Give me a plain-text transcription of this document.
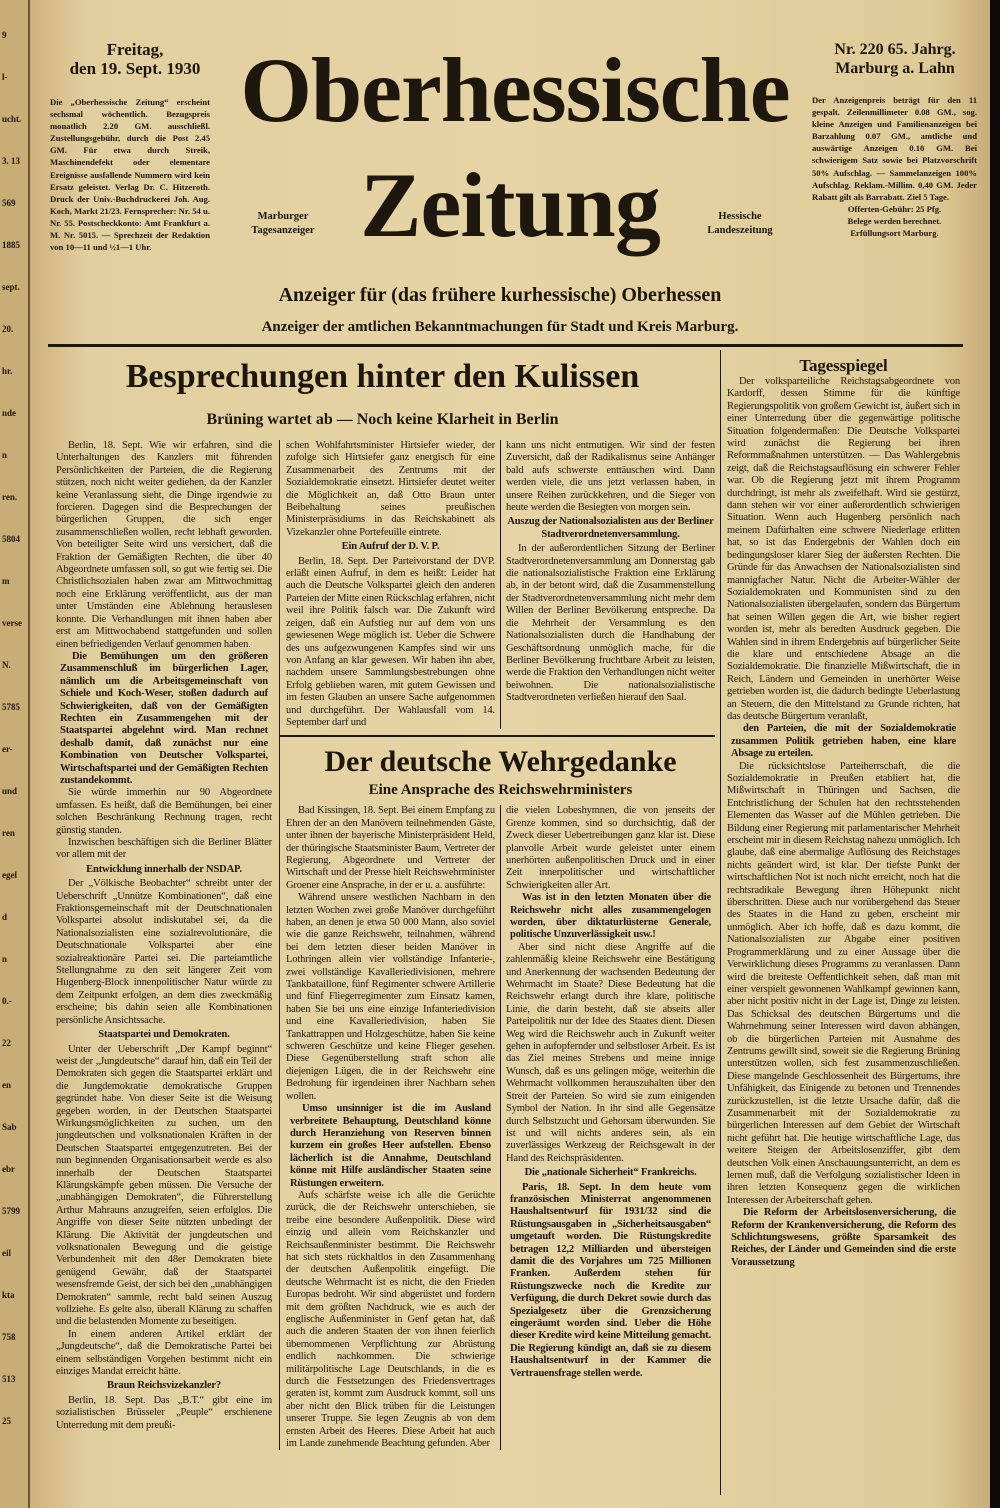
9
l-
ucht.
3. 13
569
1885
sept.
20.
hr.
nde
n
ren.
5804
m
verse
N.
5785
er-
und
ren
egel
d
n
0.-
22
en
Sab
ebr
5799
eil
kta
758
513
25
Freitag,
den 19. Sept. 1930
Die „Oberhessische Zeitung“ erscheint sechsmal wöchentlich. Bezugspreis monatlich 2.20 GM. ausschließl. Zustellungsgebühr, durch die Post 2.45 GM. Für etwa durch Streik, Maschinendefekt oder elementare Ereignisse ausfallende Nummern wird kein Ersatz geleistet. Verlag Dr. C. Hitzeroth. Druck der Univ.-Buchdruckerei Joh. Aug. Koch, Markt 21/23. Fernsprecher: Nr. 54 u. Nr. 55. Postscheckkonto: Amt Frankfurt a. M. Nr. 5015. — Sprechzeit der Redaktion von 10—11 und ½1—1 Uhr.
Nr. 220 65. Jahrg.
Marburg a. Lahn
Der Anzeigenpreis beträgt für den 11 gespalt. Zeilenmillimeter 0.08 GM., sog. kleine Anzeigen und Familienanzeigen bei Barzahlung 0.07 GM., amtliche und auswärtige Anzeigen 0.10 GM. Bei schwierigem Satz sowie bei Platzvorschrift 50% Aufschlag. — Sammelanzeigen 100% Aufschlag. Reklam.-Millim. 0,40 GM. Jeder Rabatt gilt als Barrabatt. Ziel 5 Tage.
Offerten-Gebühr: 25 Pfg.
Belege werden berechnet.
Erfüllungsort Marburg.
Oberhessische
Zeitung
Marburger
Tagesanzeiger
Hessische
Landeszeitung
Anzeiger für (das frühere kurhessische) Oberhessen
Anzeiger der amtlichen Bekanntmachungen für Stadt und Kreis Marburg.
Besprechungen hinter den Kulissen
Brüning wartet ab — Noch keine Klarheit in Berlin

Berlin, 18. Sept. Wie wir erfahren, sind die Unterhaltungen des Kanzlers mit führenden Persönlichkeiten der Parteien, die die Regierung stützen, noch nicht weiter gediehen, da der Kanzler keine Veranlassung sieht, die Dinge irgendwie zu forcieren. Dagegen sind die Besprechungen der bürgerlichen Gruppen, die sich enger zusammenschließen wollen, recht lebhaft geworden. Von beteiligter Seite wird uns versichert, daß die Fraktion der Gemäßigten Rechten, die über 40 Abgeordnete umfassen soll, so gut wie fertig sei. Die Christlichsozialen haben zwar am Mittwochmittag noch eine Erklärung veröffentlicht, aus der man unter Umständen eine Ablehnung herauslesen konnte. Die Verhandlungen mit ihnen haben aber erst am Mittwochabend stattgefunden und sollen einen befriedigenden Verlauf genommen haben.

Die Bemühungen um den größeren Zusammenschluß im bürgerlichen Lager, nämlich um die Arbeitsgemeinschaft von Schiele und Koch-Weser, stoßen dadurch auf Schwierigkeiten, daß von der Gemäßigten Rechten ein Zusammengehen mit der Staatspartei abgelehnt wird. Man rechnet deshalb damit, daß zunächst nur eine Kombination von Deutscher Volkspartei, Wirtschaftspartei und der Gemäßigten Rechten zustandekommt.

Sie würde immerhin nur 90 Abgeordnete umfassen. Es heißt, daß die Bemühungen, bei einer solchen Beschränkung Rechnung tragen, recht günstig standen.

Inzwischen beschäftigen sich die Berliner Blätter vor allem mit der

Entwicklung innerhalb der NSDAP.

Der „Völkische Beobachter“ schreibt unter der Ueberschrift „Unnütze Kombinationen“, daß eine Fraktionsgemeinschaft mit der Deutschnationalen Volkspartei absolut indiskutabel sei, da die Nationalsozialisten eine sozialrevolutionäre, die Deutschnationale Volkspartei aber eine sozialreaktionäre Partei sei. Die parteiamtliche Stellungnahme zu den seit längerer Zeit vom Hugenberg-Block innenpolitischer Natur würde zu dem Zeitpunkt erfolgen, an dem dies zweckmäßig erscheine; bis dahin seien alle Kombinationen persönliche Ansichtssache.

Staatspartei und Demokraten.

Unter der Ueberschrift „Der Kampf beginnt“ weist der „Jungdeutsche“ darauf hin, daß ein Teil der Demokraten sich gegen die Staatspartei erklärt und die Jungdemokratie demokratische Gruppen gegründet habe. Von dieser Seite ist die Weisung gegeben worden, in der Deutschen Staatspartei Wirkungsmöglichkeiten zu suchen, um den jungdeutschen und volksnationalen Kräften in der Deutschen Staatspartei entgegenzutreten. Bei der nun beginnenden Organisationsarbeit werde es also innerhalb der Deutschen Staatspartei Klärungskämpfe geben müssen. Die Versuche der „unabhängigen Demokraten“, die Führerstellung Arthur Mahrauns anzugreifen, seien erfolglos. Die Angriffe von dieser Seite nützten unbedingt der Klärung. Die Aktivität der jungdeutschen und volksnationalen Bewegung und die geistige Verbundenheit mit den 48er Demokraten biete genügend Gewähr, daß der Staatspartei wesensfremde Geist, der sich bei den „unabhängigen Demokraten“ sammle, recht bald seinen Auszug vollziehe. Es gelte also, überall Klärung zu schaffen und die belastenden Momente zu beseitigen.

In einem anderen Artikel erklärt der „Jungdeutsche“, daß die Demokratische Partei bei einem selbständigen Vorgehen bestimmt nicht ein einziges Mandat erreicht hätte.

Braun Reichsvizekanzler?

Berlin, 18. Sept. Das „B.T.“ gibt eine im sozialistischen Brüsseler „Peuple“ erschienene Unterredung mit dem preußi-

schen Wohlfahrtsminister Hirtsiefer wieder, der zufolge sich Hirtsiefer ganz energisch für eine Zusammenarbeit des Zentrums mit der Sozialdemokratie einsetzt. Hirtsiefer deutet weiter die Möglichkeit an, daß Otto Braun unter Beibehaltung seines preußischen Ministerpräsidiums in das Reichskabinett als Vizekanzler ohne Portefeuille eintrete.

Ein Aufruf der D. V. P.

Berlin, 18. Sept. Der Parteivorstand der DVP. erläßt einen Aufruf, in dem es heißt: Leider hat auch die Deutsche Volkspartei gleich den anderen Parteien der Mitte einen Rückschlag erfahren, nicht weil ihre Politik falsch war. Die Zukunft wird zeigen, daß ein Aufstieg nur auf dem von uns gewiesenen Wege möglich ist. Ueber die Schwere des uns aufgezwungenen Kampfes sind wir uns von Anfang an klar gewesen. Wir haben ihn aber, nachdem unsere Sammlungsbestrebungen ohne Erfolg geblieben waren, mit gutem Gewissen und im festen Glauben an unsere Sache aufgenommen und durchgeführt. Der Wahlausfall vom 14. September darf und

kann uns nicht entmutigen. Wir sind der festen Zuversicht, daß der Radikalismus seine Anhänger bald aufs schwerste enttäuschen wird. Dann werden viele, die uns jetzt verlassen haben, in unsere Reihen zurückkehren, und die Sieger von heute werden die Besiegten von morgen sein.

Auszug der Nationalsozialisten aus der Berliner Stadtverordnetenversammlung.

In der außerordentlichen Sitzung der Berliner Stadtverordnetenversammlung am Donnerstag gab die nationalsozialistische Fraktion eine Erklärung ab, in der betont wird, daß die Zusammenstellung der Stadtverordnetenversammlung nicht mehr dem Willen der Berliner Bevölkerung entspreche. Da die Mehrheit der Versammlung es den Nationalsozialisten durch die Handhabung der Geschäftsordnung unmöglich mache, für die Berliner Bevölkerung fruchtbare Arbeit zu leisten, werde die Fraktion den Verhandlungen nicht weiter beiwohnen. Die nationalsozialistische Stadtverordneten verließen hierauf den Saal.

Der deutsche Wehrgedanke
Eine Ansprache des Reichswehrministers

Bad Kissingen, 18. Sept. Bei einem Empfang zu Ehren der an den Manövern teilnehmenden Gäste, unter ihnen der bayerische Ministerpräsident Held, der thüringische Staatsminister Baum, Vertreter der Regierung, Abgeordnete und Vertreter der Wirtschaft und der Presse hielt Reichswehrminister Groener eine Ansprache, in der er u. a. ausführte:

Während unsere westlichen Nachbarn in den letzten Wochen zwei große Manöver durchgeführt haben, an denen je etwa 50 000 Mann, also soviel wie die ganze Reichswehr, teilnahmen, während bei dem letzten dieser beiden Manöver in Lothringen allein vier vollständige Infanterie-, zwei vollständige Kavalleriedivisionen, mehrere Tankbataillone, fünf Regimenter schwere Artillerie und fünf Fliegerregimenter zum Einsatz kamen, haben Sie bei uns eine einzige Infanteriedivision und eine Kavalleriedivision, haben Sie Tankattrappen und Holzgeschütze, haben Sie keine schweren Geschütze und keine Flieger gesehen. Diese Gegenüberstellung straft schon alle diejenigen Lügen, die in der Reichswehr eine Bedrohung für irgendeinen ihrer Nachbarn sehen wollen.

Umso unsinniger ist die im Ausland verbreitete Behauptung, Deutschland könne durch Heranziehung von Reserven binnen kurzem ein großes Heer aufstellen. Ebenso lächerlich ist die Annahme, Deutschland könne mit Hilfe ausländischer Staaten seine Rüstungen erweitern.

Aufs schärfste weise ich alle die Gerüchte zurück, die der Reichswehr unterschieben, sie treibe eine besondere Außenpolitik. Diese wird einzig und allein vom Reichskanzler und Reichsaußenminister bestimmt. Die Reichswehr hat sich stets rückhaltlos in den Zusammenhang der deutschen Außenpolitik eingefügt. Die deutsche Wehrmacht ist es nicht, die den Frieden Europas bedroht. Wir sind abgerüstet und fordern mit dem größten Nachdruck, wie es auch der englische Außenminister in Genf getan hat, daß auch die anderen Staaten der von ihnen feierlich übernommenen Verpflichtung zur Abrüstung endlich nachkommen. Die schwierige militärpolitische Lage Deutschlands, in die es durch die Festsetzungen des Friedensvertrages geraten ist, kommt zum Ausdruck kommt, soll uns aber nicht den Blick trüben für die Leistungen unserer Truppe. Sie legen Zeugnis ab von dem ernsten Arbeit des Heeres. Diese Arbeit hat auch im Lande zunehmende Beachtung gefunden. Aber

die vielen Lobeshymnen, die von jenseits der Grenze kommen, sind so durchsichtig, daß der Zweck dieser Uebertreibungen ganz klar ist. Diese planvolle Arbeit wurde geleistet unter einem unerhörten außenpolitischen Druck und in einer Zeit innerpolitischer und wirtschaftlicher Schwierigkeiten aller Art.

Was ist in den letzten Monaten über die Reichswehr nicht alles zusammengelogen worden, über diktaturlüsterne Generale, politische Unzuverlässigkeit usw.!

Aber sind nicht diese Angriffe auf die zahlenmäßig kleine Reichswehr eine Bestätigung und Anerkennung der wachsenden Bedeutung der Wehrmacht im Staate? Diese Bedeutung hat die Reichswehr erlangt durch ihre klare, politische Linie, die darin besteht, daß sie abseits aller Parteipolitik nur der Idee des Staates dient. Diesen Weg wird die Reichswehr auch in Zukunft weiter gehen in aufopfernder und selbstloser Arbeit. Es ist das Ziel meines Strebens und meine innige Wunsch, daß es uns gelingen möge, weiterhin die Wehrmacht vollkommen herauszuhalten über den Streit der Parteien. So wird sie zum einigenden Symbol der Nation. In ihr sind alle Gegensätze durch Selbstzucht und Gehorsam überwunden. Sie ist und will nichts anderes sein, als ein zuverlässiges Werkzeug der Reichsgewalt in der Hand des Reichspräsidenten.

Die „nationale Sicherheit“ Frankreichs.

Paris, 18. Sept. In dem heute vom französischen Ministerrat angenommenen Haushaltsentwurf für 1931/32 sind die Rüstungsausgaben in „Sicherheitsausgaben“ umgetauft worden. Die Rüstungskredite betragen 12,2 Milliarden und übersteigen damit die des Vorjahres um 725 Millionen Franken. Außerdem stehen für Rüstungszwecke noch die Kredite zur Verfügung, die durch Dekret sowie durch das Spezialgesetz über die Grenzsicherung eingeräumt worden sind. Ueber die Höhe dieser Kredite wird keine Mitteilung gemacht. Die Regierung kündigt an, daß sie zu diesem Haushaltsentwurf in der Kammer die Vertrauensfrage stellen werde.

Tagesspiegel

Der volksparteiliche Reichstagsabgeordnete von Kardorff, dessen Stimme für die künftige Regierungspolitik von großem Gewicht ist, äußert sich in einer Unterredung über die gegenwärtige politische Situation folgendermaßen: Die Deutsche Volkspartei wird zunächst die Regierung bei ihren Reformmaßnahmen unterstützen. — Das Wahlergebnis zeigt, daß die Reichstagsauflösung ein schwerer Fehler war. Ob die Regierung jetzt mit ihrem Programm durchdringt, ist mehr als zweifelhaft. Wird sie gestürzt, dann stehen wir vor einer außerordentlich schwierigen Situation. Wenn auch Hugenberg persönlich nach meinem Dafürhalten eine schwere Niederlage erlitten hat, so ist das Endergebnis der Wahlen doch ein bedingungsloser klarer Sieg der äußersten Rechten. Die Gründe für das Anwachsen der Nationalsozialisten sind mannigfacher Natur. Nicht die Arbeiter-Wähler der Sozialdemokraten und Kommunisten sind zu den Nationalsozialisten übergelaufen, sondern das Bürgertum hat seinen Willen gegen die Art, wie bisher regiert worden ist, mehr als beredten Ausdruck gegeben. Die Wahlen sind in ihrem Endergebnis auf bürgerlicher Seite die klare und entschiedene Absage an die Sozialdemokratie. Die finanzielle Mißwirtschaft, die in Reich, Ländern und Gemeinden in unerhörter Weise getrieben worden ist, die dadurch bedingte Ueberlastung an Steuern, die den Mittelstand zu Grunde richten, hat das deutsche Bürgertum veranlaßt,

den Parteien, die mit der Sozialdemokratie zusammen Politik getrieben haben, eine klare Absage zu erteilen.

Die rücksichtslose Parteiherrschaft, die die Sozialdemokratie in Preußen etabliert hat, die Mißwirtschaft in Thüringen und Sachsen, die Entchristlichung der Schulen hat den rechtsstehenden Elementen das Wasser auf die Mühlen getrieben. Die Bildung einer Regierung mit parlamentarischer Mehrheit erscheint mir in diesem Reichstag nahezu unmöglich. Ich glaube, daß eine abermalige Auflösung des Reichstages nichts geändert wird, ist klar. Der tiefste Punkt der wirtschaftlichen Not ist noch nicht erreicht, noch hat die rechtsradikale Bewegung ihren Höhepunkt nicht überschritten. Diese auch nur vorübergehend das Steuer des Staates in die Hand zu geben, erscheint mir unmöglich. Aber ich hoffe, daß es dazu kommt, die Nationalsozialisten zur Abgabe einer positiven Programmerklärung und zu einer Aussage über die Verwirklichung dieses Programms zu veranlassen. Dann wird die breiteste Oeffentlichkeit sehen, daß man mit einer verspielt gewonnenen Wahlkampf gewinnen kann, aber nicht positiv nicht in der Lage ist, Dinge zu leisten. Das Schicksal des deutschen Bürgertums und die Wahrnehmung seiner Interessen wird davon abhängen, ob die bürgerlichen Parteien mit Ausnahme des Zentrums gewillt sind, soweit sie die Regierung Brüning unterstützen wollen, sich fest zusammenzuschließen. Diese mangelnde Geschlossenheit des Bürgertums, ihre Unfähigkeit, das Einigende zu betonen und Trennendes zurückzustellen, ist die letzte Ursache dafür, daß die Zusammenarbeit mit der Sozialdemokratie zu bürgerlichen Interessen auf dem Gebiet der Wirtschaft nicht geführt hat. Die heutige wirtschaftliche Lage, das weitere Steigen der Arbeitslosenziffer, gibt dem deutschen Volk einen Anschauungsunterricht, an dem es lernen muß, daß die Verfolgung sozialistischer Ideen in ihren letzten Konsequenz gegen die wirklichen Interessen der Arbeiterschaft gehen.

Die Reform der Arbeitslosenversicherung, die Reform der Krankenversicherung, die Reform des Schlichtungswesens, größte Sparsamkeit des Reiches, der Länder und Gemeinden sind die erste Voraussetzung
